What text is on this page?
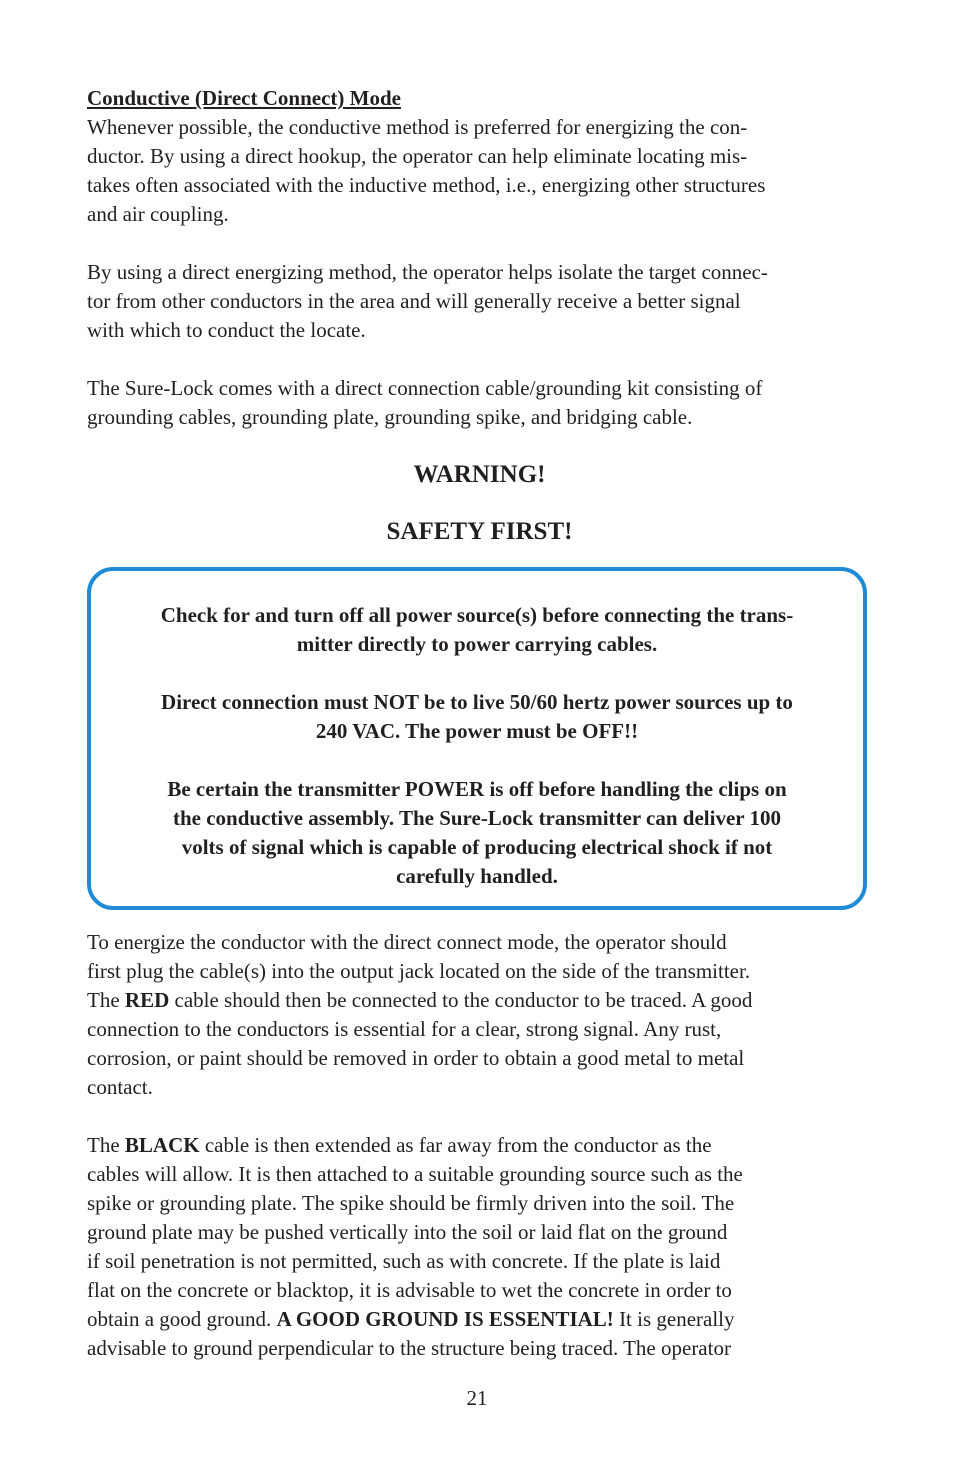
Conductive (Direct Connect) Mode

Whenever possible, the conductive method is preferred for energizing the con-

ductor. By using a direct hookup, the operator can help eliminate locating mis-

takes often associated with the inductive method, i.e., energizing other structures

and air coupling.

By using a direct energizing method, the operator helps isolate the target connec-

tor from other conductors in the area and will generally receive a better signal

with which to conduct the locate.

The Sure-Lock comes with a direct connection cable/grounding kit consisting of

grounding cables, grounding plate, grounding spike, and bridging cable.

WARNING!
SAFETY FIRST!

Check for and turn off all power source(s) before connecting the trans-

mitter directly to power carrying cables.

Direct connection must NOT be to live 50/60 hertz power sources up to

240 VAC. The power must be OFF!!

Be certain the transmitter POWER is off before handling the clips on

the conductive assembly. The Sure-Lock transmitter can deliver 100

volts of signal which is capable of producing electrical shock if not

carefully handled.

To energize the conductor with the direct connect mode, the operator should

first plug the cable(s) into the output jack located on the side of the transmitter.

The RED cable should then be connected to the conductor to be traced. A good

connection to the conductors is essential for a clear, strong signal. Any rust,

corrosion, or paint should be removed in order to obtain a good metal to metal

contact.

The BLACK cable is then extended as far away from the conductor as the

cables will allow. It is then attached to a suitable grounding source such as the

spike or grounding plate. The spike should be firmly driven into the soil. The

ground plate may be pushed vertically into the soil or laid flat on the ground

if soil penetration is not permitted, such as with concrete. If the plate is laid

flat on the concrete or blacktop, it is advisable to wet the concrete in order to

obtain a good ground. A GOOD GROUND IS ESSENTIAL! It is generally

advisable to ground perpendicular to the structure being traced. The operator

21
